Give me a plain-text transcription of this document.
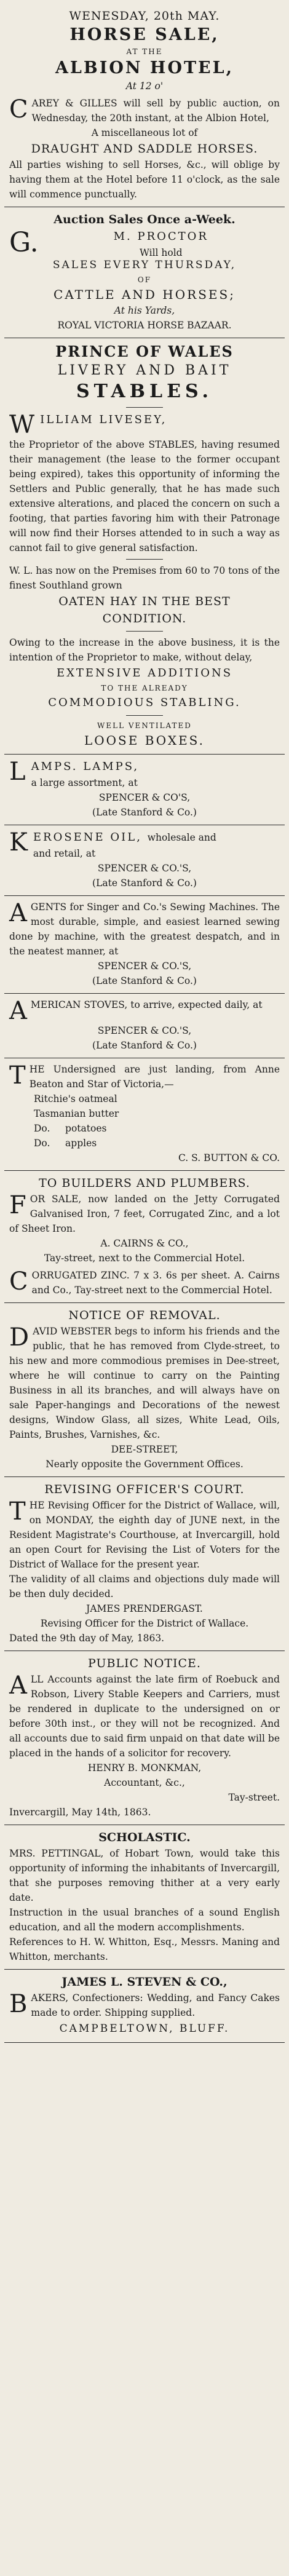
WENESDAY, 20th MAY.
HORSE SALE,
AT THE
ALBION HOTEL,
At 12 o'

CAREY & GILLES will sell by public auction, on Wednesday, the 20th instant, at the Albion Hotel,

A miscellaneous lot of
DRAUGHT AND SADDLE HORSES.

All parties wishing to sell Horses, &c., will oblige by having them at the Hotel before 11 o'clock, as the sale will commence punctually.

Auction Sales Once a-Week.
G.	M. PROCTOR
Will hold
SALES EVERY THURSDAY,
OF
CATTLE AND HORSES;
At his Yards,
ROYAL VICTORIA HORSE BAZAAR.
PRINCE OF WALES
LIVERY AND BAIT
STABLES.
WILLIAM LIVESEY,

the Proprietor of the above STABLES, having resumed their management (the lease to the former occupant being expired), takes this opportunity of informing the Settlers and Public generally, that he has made such extensive alterations, and placed the concern on such a footing, that parties favoring him with their Patronage will now find their Horses attended to in such a way as cannot fail to give general satisfaction.

W. L. has now on the Premises from 60 to 70 tons of the finest Southland grown

OATEN HAY IN THE BEST
CONDITION.

Owing to the increase in the above business, it is the intention of the Proprietor to make, without delay,

EXTENSIVE ADDITIONS
TO THE ALREADY
COMMODIOUS STABLING.
WELL VENTILATED
LOOSE BOXES.
LAMPS. LAMPS,
a large assortment, at
SPENCER & CO'S,
(Late Stanford & Co.)
KEROSENE OIL, wholesale and
and retail, at
SPENCER & CO.'S,
(Late Stanford & Co.)

AGENTS for Singer and Co.'s Sewing Machines. The most durable, simple, and easiest learned sewing done by machine, with the greatest despatch, and in the neatest manner, at

SPENCER & CO.'S,
(Late Stanford & Co.)

AMERICAN STOVES, to arrive, expected daily, at

SPENCER & CO.'S,
(Late Stanford & Co.)

THE Undersigned are just landing, from Anne Beaton and Star of Victoria,—

Ritchie's oatmeal
Tasmanian butter
Do.     potatoes
Do.     apples
C. S. BUTTON & CO.
TO BUILDERS AND PLUMBERS.

FOR SALE, now landed on the Jetty Corrugated Galvanised Iron, 7 feet, Corrugated Zinc, and a lot of Sheet Iron.

A. CAIRNS & CO.,
Tay-street, next to the Commercial Hotel.

CORRUGATED ZINC. 7 x 3. 6s per sheet. A. Cairns and Co., Tay-street next to the Commercial Hotel.

NOTICE OF REMOVAL.

DAVID WEBSTER begs to inform his friends and the public, that he has removed from Clyde-street, to his new and more commodious premises in Dee-street, where he will continue to carry on the Painting Business in all its branches, and will always have on sale Paper-hangings and Decorations of the newest designs, Window Glass, all sizes, White Lead, Oils, Paints, Brushes, Varnishes, &c.

DEE-STREET,
Nearly opposite the Government Offices.
REVISING OFFICER'S COURT.

THE Revising Officer for the District of Wallace, will, on MONDAY, the eighth day of JUNE next, in the Resident Magistrate's Courthouse, at Invercargill, hold an open Court for Revising the List of Voters for the District of Wallace for the present year.

The validity of all claims and objections duly made will be then duly decided.

JAMES PRENDERGAST.
Revising Officer for the District of Wallace.
Dated the 9th day of May, 1863.
PUBLIC NOTICE.

ALL Accounts against the late firm of Roebuck and Robson, Livery Stable Keepers and Carriers, must be rendered in duplicate to the undersigned on or before 30th inst., or they will not be recognized. And all accounts due to said firm unpaid on that date will be placed in the hands of a solicitor for recovery.

HENRY B. MONKMAN,
Accountant, &c.,
Tay-street.
Invercargill, May 14th, 1863.
SCHOLASTIC.

MRS. PETTINGAL, of Hobart Town, would take this opportunity of informing the inhabitants of Invercargill, that she purposes removing thither at a very early date.

Instruction in the usual branches of a sound English education, and all the modern accomplishments.

References to H. W. Whitton, Esq., Messrs. Maning and Whitton, merchants.

JAMES L. STEVEN & CO.,

BAKERS, Confectioners: Wedding, and Fancy Cakes made to order. Shipping supplied.

CAMPBELTOWN, BLUFF.
